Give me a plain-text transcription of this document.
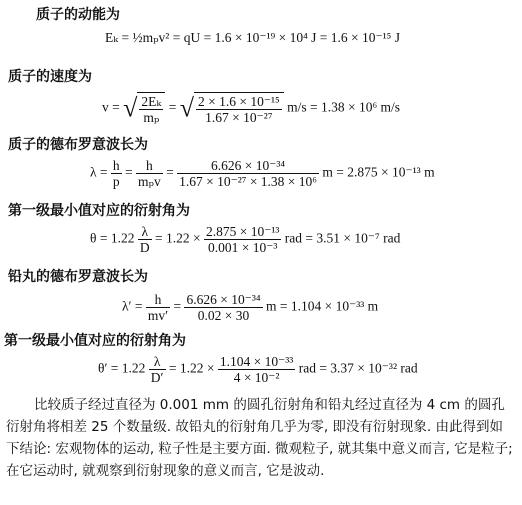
质子的动能为
Eₖ = ½mₚv² = qU = 1.6 × 10⁻¹⁹ × 10⁴ J = 1.6 × 10⁻¹⁵ J
质子的速度为
v = √ $\frac{\text{2Eₖ}}{\text{mₚ}}$ = √ $\frac{\text{2 × 1.6 × 10⁻¹⁵}}{\text{1.67 × 10⁻²⁷}} m/s = 1.38 \times 10^6$ m/s
质子的德布罗意波长为
$\lambda = \frac{h}{p} = \frac{h}{\text{mₚv}} = \frac{\text{6.626 × 10⁻³⁴}}{\text{1.67 × 10⁻²⁷ × 1.38 × 10⁶}}$ m = 2.875 × 10⁻¹³ m
第一级最小值对应的衍射角为
$\theta = 1.22 \frac{\lambda}{D} = 1.22 \times \frac{\text{2.875 × 10⁻¹³}}{\text{0.001 × 10⁻³}}$ rad = 3.51 × 10⁻⁷ rad
铅丸的德布罗意波长为
$\lambda' = \frac{h}{mv'} = \frac{\text{6.626 × 10⁻³⁴}}{0.02 \times 30}$ m = 1.104 × 10⁻³³ m
第一级最小值对应的衍射角为
$\theta' = 1.22 \frac{\lambda}{D'} = 1.22 \times \frac{\text{1.104 × 10⁻³³}}{\text{4 × 10⁻²}}$ rad = 3.37 × 10⁻³² rad
比较质子经过直径为 0.001 mm 的圆孔衍射角和铅丸经过直径为 4 cm 的圆孔衍射角将相差 25 个数量级. 故铅丸的衍射角几乎为零, 即没有衍射现象. 由此得到如下结论: 宏观物体的运动, 粒子性是主要方面. 微观粒子, 就其集中意义而言, 它是粒子; 在它运动时, 就观察到衍射现象的意义而言, 它是波动.
